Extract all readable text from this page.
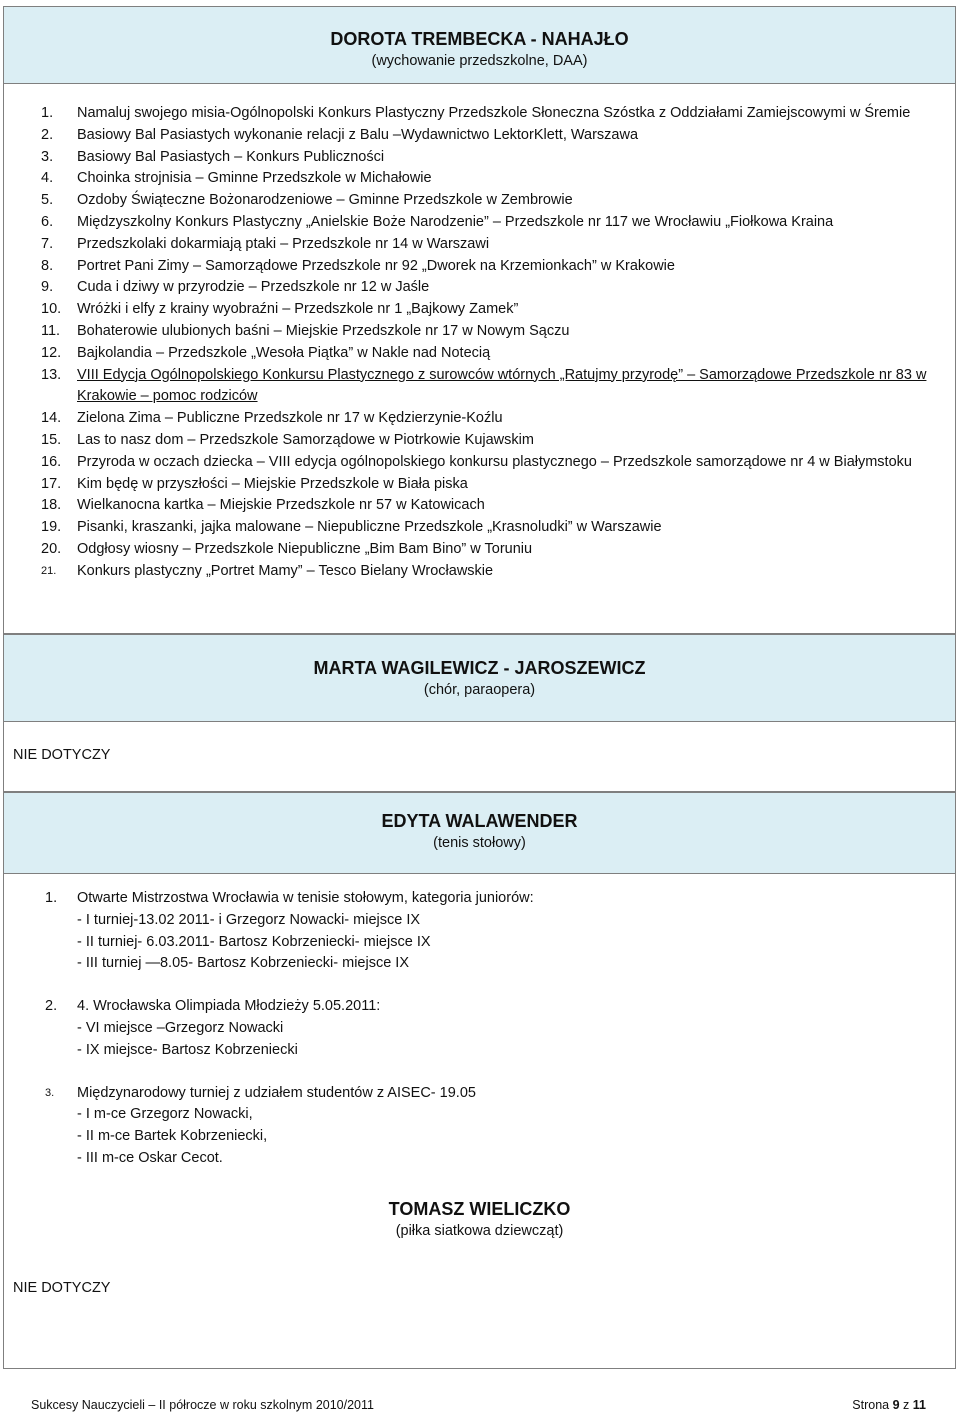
DOROTA TREMBECKA - NAHAJŁO
(wychowanie przedszkolne, DAA)
1. Namaluj swojego misia-Ogólnopolski Konkurs Plastyczny Przedszkole Słoneczna Szóstka z Oddziałami Zamiejscowymi w Śremie
2. Basiowy Bal Pasiastych wykonanie relacji z Balu –Wydawnictwo LektorKlett, Warszawa
3. Basiowy Bal Pasiastych – Konkurs Publiczności
4. Choinka strojnisia – Gminne Przedszkole w Michałowie
5. Ozdoby Świąteczne Bożonarodzeniowe – Gminne Przedszkole w Zembrowie
6. Międzyszkolny Konkurs Plastyczny „Anielskie Boże Narodzenie” – Przedszkole nr 117 we Wrocławiu „Fiołkowa Kraina
7. Przedszkolaki dokarmiają ptaki – Przedszkole nr 14 w Warszawi
8. Portret Pani Zimy – Samorządowe Przedszkole nr 92 „Dworek na Krzemionkach” w Krakowie
9. Cuda i dziwy w przyrodzie – Przedszkole nr 12 w Jaśle
10. Wróżki i elfy z krainy wyobraźni – Przedszkole nr 1 „Bajkowy Zamek”
11. Bohaterowie ulubionych baśni – Miejskie Przedszkole nr 17 w Nowym Sączu
12. Bajkolandia – Przedszkole „Wesoła Piątka” w Nakle nad Notecią
13. VIII Edycja Ogólnopolskiego Konkursu Plastycznego z surowców wtórnych „Ratujmy przyrodę” – Samorządowe Przedszkole nr 83 w Krakowie – pomoc rodziców
14. Zielona Zima – Publiczne Przedszkole nr 17 w Kędzierzynie-Koźlu
15. Las to nasz dom – Przedszkole Samorządowe w Piotrkowie Kujawskim
16. Przyroda w oczach dziecka – VIII edycja ogólnopolskiego konkursu plastycznego – Przedszkole samorządowe nr 4 w Białymstoku
17. Kim będę w przyszłości – Miejskie Przedszkole w Biała piska
18. Wielkanocna kartka – Miejskie Przedszkole nr 57 w Katowicach
19. Pisanki, kraszanki, jajka malowane – Niepubliczne Przedszkole „Krasnoludki” w Warszawie
20. Odgłosy wiosny – Przedszkole Niepubliczne „Bim Bam Bino” w Toruniu
21. Konkurs plastyczny „Portret Mamy” – Tesco Bielany Wrocławskie
MARTA WAGILEWICZ - JAROSZEWICZ
(chór, paraopera)
NIE DOTYCZY
EDYTA WALAWENDER
(tenis stołowy)
1. Otwarte Mistrzostwa Wrocławia w tenisie stołowym, kategoria juniorów:
- I turniej-13.02 2011- i Grzegorz Nowacki- miejsce IX
- II turniej- 6.03.2011- Bartosz Kobrzeniecki- miejsce IX
- III turniej —8.05- Bartosz Kobrzeniecki- miejsce IX
2. 4. Wrocławska Olimpiada Młodzieży 5.05.2011:
- VI miejsce –Grzegorz Nowacki
- IX miejsce- Bartosz Kobrzeniecki
3. Międzynarodowy turniej z udziałem studentów z AISEC- 19.05
- I m-ce Grzegorz Nowacki,
- II m-ce Bartek Kobrzeniecki,
- III m-ce Oskar Cecot.
TOMASZ WIELICZKO
(piłka siatkowa dziewcząt)
NIE DOTYCZY
Sukcesy Nauczycieli – II półrocze w roku szkolnym 2010/2011	Strona 9 z 11
